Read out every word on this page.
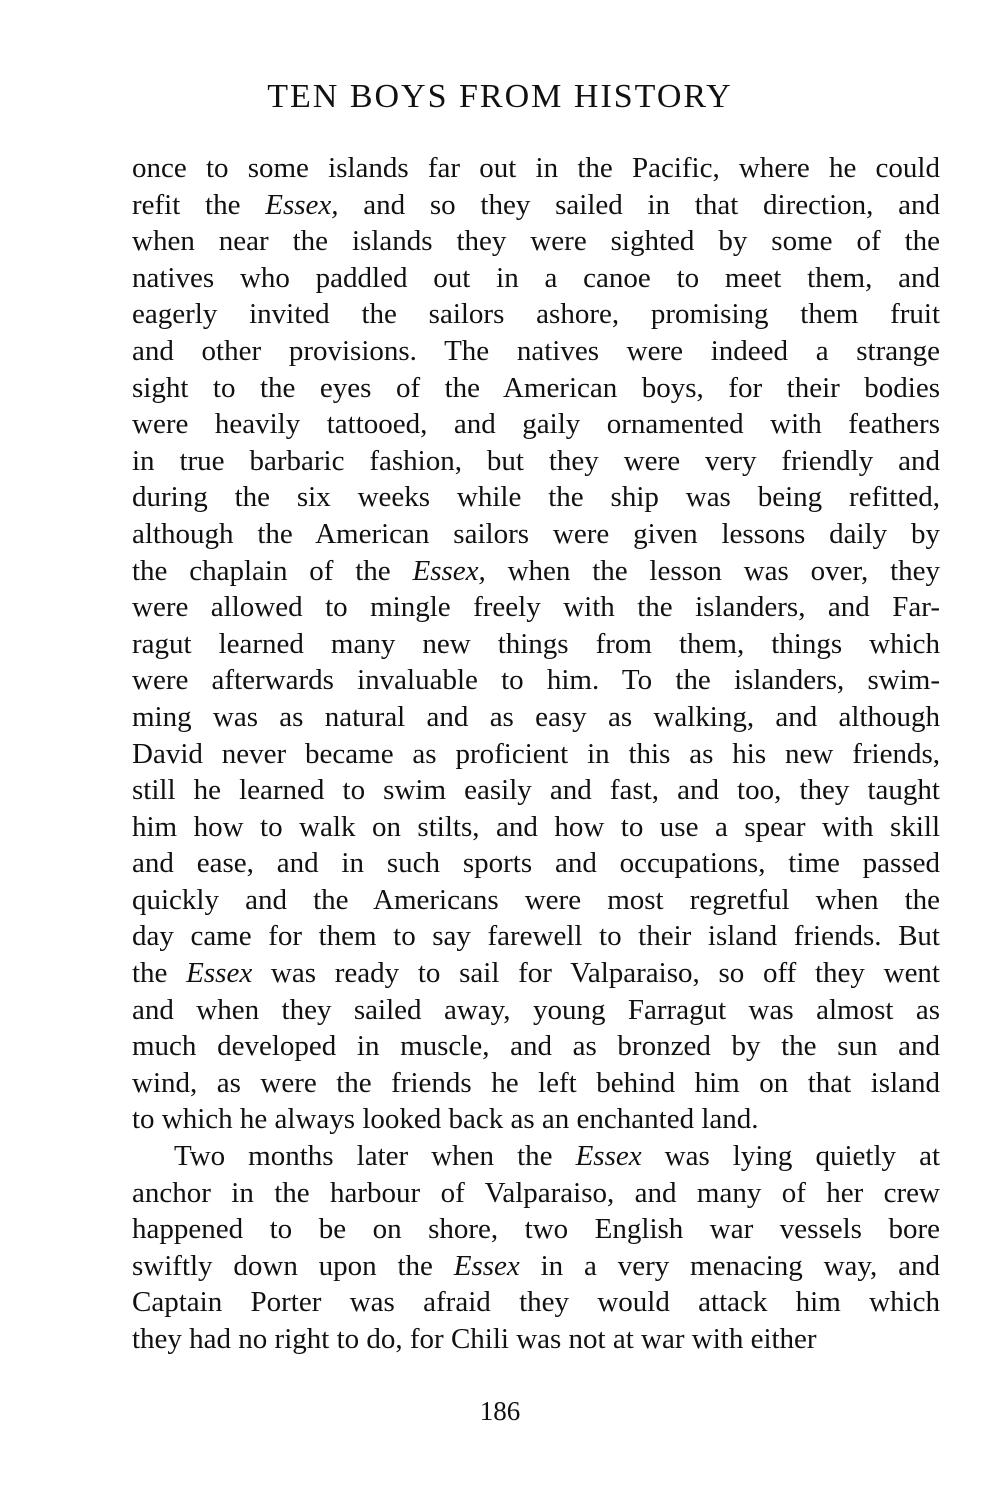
TEN BOYS FROM HISTORY

once to some islands far out in the Pacific, where he could
refit the Essex, and so they sailed in that direction, and
when near the islands they were sighted by some of the
natives who paddled out in a canoe to meet them, and
eagerly invited the sailors ashore, promising them fruit
and other provisions. The natives were indeed a strange
sight to the eyes of the American boys, for their bodies
were heavily tattooed, and gaily ornamented with feathers
in true barbaric fashion, but they were very friendly and
during the six weeks while the ship was being refitted,
although the American sailors were given lessons daily by
the chaplain of the Essex, when the lesson was over, they
were allowed to mingle freely with the islanders, and Far-
ragut learned many new things from them, things which
were afterwards invaluable to him. To the islanders, swim-
ming was as natural and as easy as walking, and although
David never became as proficient in this as his new friends,
still he learned to swim easily and fast, and too, they taught
him how to walk on stilts, and how to use a spear with skill
and ease, and in such sports and occupations, time passed
quickly and the Americans were most regretful when the
day came for them to say farewell to their island friends. But
the Essex was ready to sail for Valparaiso, so off they went
and when they sailed away, young Farragut was almost as
much developed in muscle, and as bronzed by the sun and
wind, as were the friends he left behind him on that island
to which he always looked back as an enchanted land.

Two months later when the Essex was lying quietly at
anchor in the harbour of Valparaiso, and many of her crew
happened to be on shore, two English war vessels bore
swiftly down upon the Essex in a very menacing way, and
Captain Porter was afraid they would attack him which
they had no right to do, for Chili was not at war with either

186
